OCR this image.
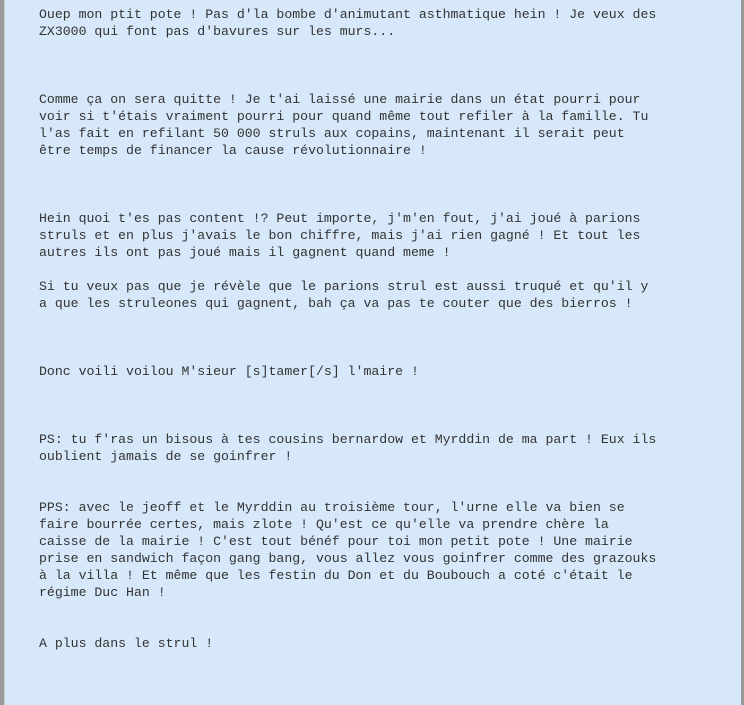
Ouep mon ptit pote ! Pas d'la bombe d'animutant asthmatique hein ! Je veux des
ZX3000 qui font pas d'bavures sur les murs...

Comme ça on sera quitte ! Je t'ai laissé une mairie dans un état pourri pour
voir si t'étais vraiment pourri pour quand même tout refiler à la famille. Tu
l'as fait en refilant 50 000 struls aux copains, maintenant il serait peut
être temps de financer la cause révolutionnaire !

Hein quoi t'es pas content !? Peut importe, j'm'en fout, j'ai joué à parions
struls et en plus j'avais le bon chiffre, mais j'ai rien gagné ! Et tout les
autres ils ont pas joué mais il gagnent quand meme !

Si tu veux pas que je révèle que le parions strul est aussi truqué et qu'il y
a que les struleones qui gagnent, bah ça va pas te couter que des bierros !

Donc voili voilou M'sieur [s]tamer[/s] l'maire !

PS: tu f'ras un bisous à tes cousins bernardow et Myrddin de ma part ! Eux ils
oublient jamais de se goinfrer !

PPS: avec le jeoff et le Myrddin au troisième tour, l'urne elle va bien se
faire bourrée certes, mais zlote ! Qu'est ce qu'elle va prendre chère la
caisse de la mairie ! C'est tout bénéf pour toi mon petit pote ! Une mairie
prise en sandwich façon gang bang, vous allez vous goinfrer comme des grazouks
à la villa ! Et même que les festin du Don et du Boubouch a coté c'était le
régime Duc Han !

A plus dans le strul !
